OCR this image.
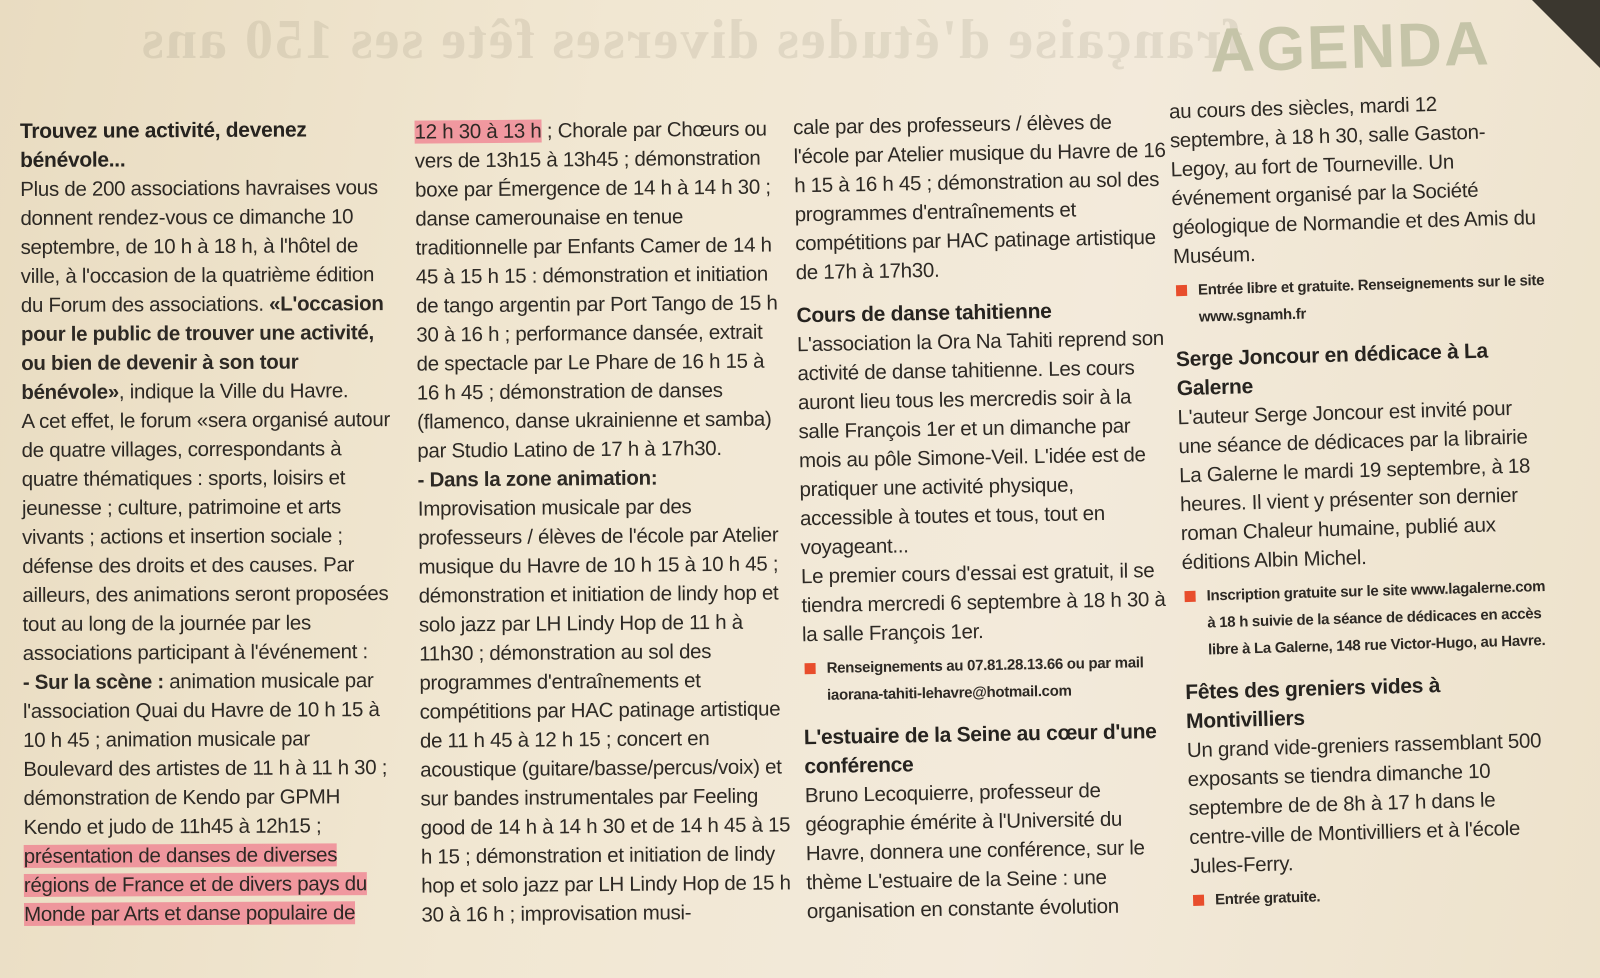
française d'études diverses fête ses 150 ans
AGENDA

Trouvez une activité, devenez bénévole...

Plus de 200 associations havraises vous donnent rendez-vous ce dimanche 10 septembre, de 10 h à 18 h, à l'hôtel de ville, à l'occasion de la quatrième édition du Forum des associations. «L'occasion pour le public de trouver une activité, ou bien de devenir à son tour bénévole», indique la Ville du Havre.

A cet effet, le forum «sera organisé autour de quatre villages, correspondants à quatre thématiques : sports, loisirs et jeunesse ; culture, patrimoine et arts vivants ; actions et insertion sociale ; défense des droits et des causes. Par ailleurs, des animations seront proposées tout au long de la journée par les associations participant à l'événement :

- Sur la scène : animation musicale par l'association Quai du Havre de 10 h 15 à 10 h 45 ; animation musicale par Boulevard des artistes de 11 h à 11 h 30 ; démonstration de Kendo par GPMH Kendo et judo de 11h45 à 12h15 ; présentation de danses de diverses régions de France et de divers pays du Monde par Arts et danse populaire de

12 h 30 à 13 h ; Chorale par Chœurs ou vers de 13h15 à 13h45 ; démonstration boxe par Émergence de 14 h à 14 h 30 ; danse camerounaise en tenue traditionnelle par Enfants Camer de 14 h 45 à 15 h 15 : démonstration et initiation de tango argentin par Port Tango de 15 h 30 à 16 h ; performance dansée, extrait de spectacle par Le Phare de 16 h 15 à 16 h 45 ; démonstration de danses (flamenco, danse ukrainienne et samba) par Studio Latino de 17 h à 17h30.

- Dans la zone animation:

Improvisation musicale par des professeurs / élèves de l'école par Atelier musique du Havre de 10 h 15 à 10 h 45 ; démonstration et initiation de lindy hop et solo jazz par LH Lindy Hop de 11 h à 11h30 ; démonstration au sol des programmes d'entraînements et compétitions par HAC patinage artistique de 11 h 45 à 12 h 15 ; concert en acoustique (guitare/basse/percus/voix) et sur bandes instrumentales par Feeling good de 14 h à 14 h 30 et de 14 h 45 à 15 h 15 ; démonstration et initiation de lindy hop et solo jazz par LH Lindy Hop de 15 h 30 à 16 h ; improvisation musi-

cale par des professeurs / élèves de l'école par Atelier musique du Havre de 16 h 15 à 16 h 45 ; démonstration au sol des programmes d'entraînements et compétitions par HAC patinage artistique de 17h à 17h30.

Cours de danse tahitienne

L'association la Ora Na Tahiti reprend son activité de danse tahitienne. Les cours auront lieu tous les mercredis soir à la salle François 1er et un dimanche par mois au pôle Simone-Veil. L'idée est de pratiquer une activité physique, accessible à toutes et tous, tout en voyageant...

Le premier cours d'essai est gratuit, il se tiendra mercredi 6 septembre à 18 h 30 à la salle François 1er.

Renseignements au 07.81.28.13.66 ou par mail iaorana-tahiti-lehavre@hotmail.com

L'estuaire de la Seine au cœur d'une conférence

Bruno Lecoquierre, professeur de géographie émérite à l'Université du Havre, donnera une conférence, sur le thème L'estuaire de la Seine : une organisation en constante évolution

au cours des siècles, mardi 12 septembre, à 18 h 30, salle Gaston-Legoy, au fort de Tourneville. Un événement organisé par la Société géologique de Normandie et des Amis du Muséum.

Entrée libre et gratuite. Renseignements sur le site www.sgnamh.fr

Serge Joncour en dédicace à La Galerne

L'auteur Serge Joncour est invité pour une séance de dédicaces par la librairie La Galerne le mardi 19 septembre, à 18 heures. Il vient y présenter son dernier roman Chaleur humaine, publié aux éditions Albin Michel.

Inscription gratuite sur le site www.lagalerne.com à 18 h suivie de la séance de dédicaces en accès libre à La Galerne, 148 rue Victor-Hugo, au Havre.

Fêtes des greniers vides à Montivilliers

Un grand vide-greniers rassemblant 500 exposants se tiendra dimanche 10 septembre de de 8h à 17 h dans le centre-ville de Montivilliers et à l'école Jules-Ferry.

Entrée gratuite.
